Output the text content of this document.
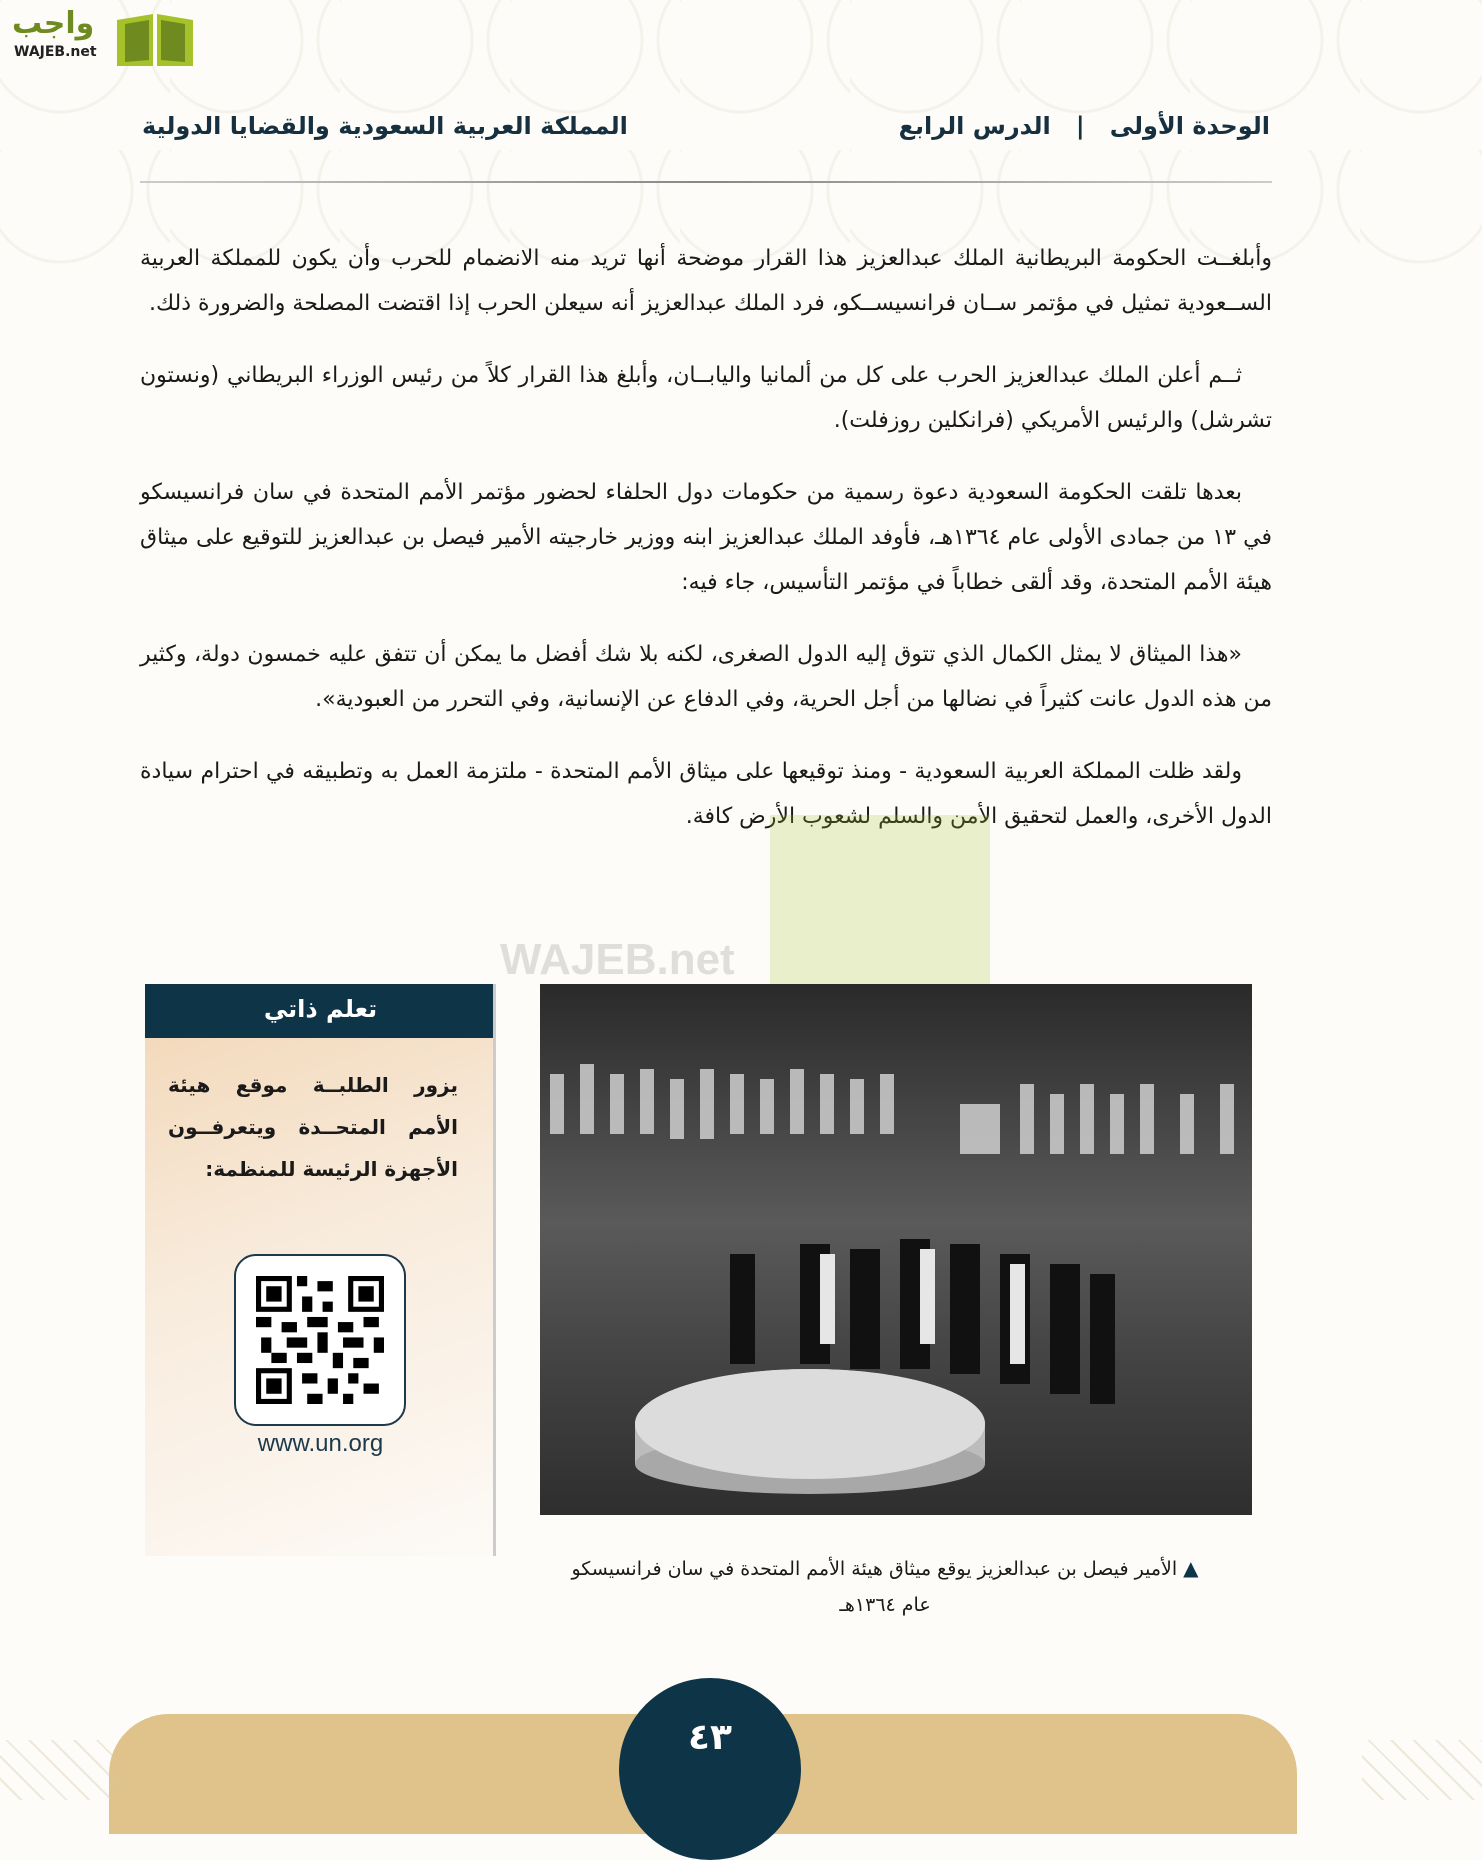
واجب
WAJEB.net
الوحدة الأولى   |   الدرس الرابع
المملكة العربية السعودية والقضايا الدولية

وأبلغــت الحكومة البريطانية الملك عبدالعزيز هذا القرار موضحة أنها تريد منه الانضمام للحرب وأن يكون للمملكة العربية الســعودية تمثيل في مؤتمر ســان فرانسيســكو، فرد الملك عبدالعزيز أنه سيعلن الحرب إذا اقتضت المصلحة والضرورة ذلك.

ثــم أعلن الملك عبدالعزيز الحرب على كل من ألمانيا واليابــان، وأبلغ هذا القرار كلاً من رئيس الوزراء البريطاني (ونستون تشرشل) والرئيس الأمريكي (فرانكلين روزفلت).

بعدها تلقت الحكومة السعودية دعوة رسمية من حكومات دول الحلفاء لحضور مؤتمر الأمم المتحدة في سان فرانسيسكو في ١٣ من جمادى الأولى عام ١٣٦٤هـ، فأوفد الملك عبدالعزيز ابنه ووزير خارجيته الأمير فيصل بن عبدالعزيز للتوقيع على ميثاق هيئة الأمم المتحدة، وقد ألقى خطاباً في مؤتمر التأسيس، جاء فيه:

«هذا الميثاق لا يمثل الكمال الذي تتوق إليه الدول الصغرى، لكنه بلا شك أفضل ما يمكن أن تتفق عليه خمسون دولة، وكثير من هذه الدول عانت كثيراً في نضالها من أجل الحرية، وفي الدفاع عن الإنسانية، وفي التحرر من العبودية».

ولقد ظلت المملكة العربية السعودية - ومنذ توقيعها على ميثاق الأمم المتحدة - ملتزمة العمل به وتطبيقه في احترام سيادة الدول الأخرى، والعمل لتحقيق الأمن والسلم لشعوب الأرض كافة.

WAJEB.net
تعلم ذاتي
يزور الطلبــة موقع هيئة الأمم المتحــدة ويتعرفــون الأجهزة الرئيسة للمنظمة:
www.un.org
▲الأمير فيصل بن عبدالعزيز يوقع ميثاق هيئة الأمم المتحدة في سان فرانسيسكو عام ١٣٦٤هـ
٤٣
